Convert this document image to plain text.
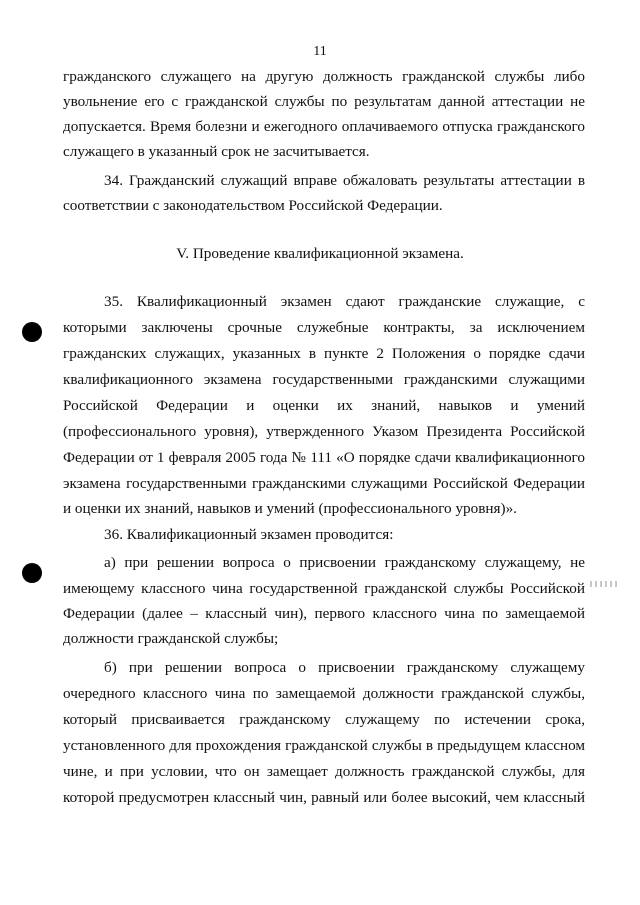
11
гражданского служащего на другую должность гражданской службы либо
увольнение его с гражданской службы по результатам данной аттестации не
допускается. Время болезни и ежегодного оплачиваемого отпуска гражданского
служащего в указанный срок не засчитывается.
34. Гражданский служащий вправе обжаловать результаты аттестации в
соответствии с законодательством Российской Федерации.
V. Проведение квалификационной экзамена.
35. Квалификационный экзамен сдают гражданские служащие, с
которыми заключены срочные служебные контракты, за исключением
гражданских служащих, указанных в пункте 2 Положения о порядке сдачи
квалификационного экзамена государственными гражданскими служащими
Российской Федерации и оценки их знаний, навыков и умений
(профессионального уровня), утвержденного Указом Президента Российской
Федерации от 1 февраля 2005 года № 111 «О порядке сдачи квалификационного
экзамена государственными гражданскими служащими Российской Федерации
и оценки их знаний, навыков и умений (профессионального уровня)».
36. Квалификационный экзамен проводится:
а) при решении вопроса о присвоении гражданскому служащему, не
имеющему классного чина государственной гражданской службы Российской
Федерации (далее – классный чин), первого классного чина по замещаемой
должности гражданской службы;
б) при решении вопроса о присвоении гражданскому служащему
очередного классного чина по замещаемой должности гражданской службы,
который присваивается гражданскому служащему по истечении срока,
установленного для прохождения гражданской службы в предыдущем классном
чине, и при условии, что он замещает должность гражданской службы, для
которой предусмотрен классный чин, равный или более высокий, чем классный
